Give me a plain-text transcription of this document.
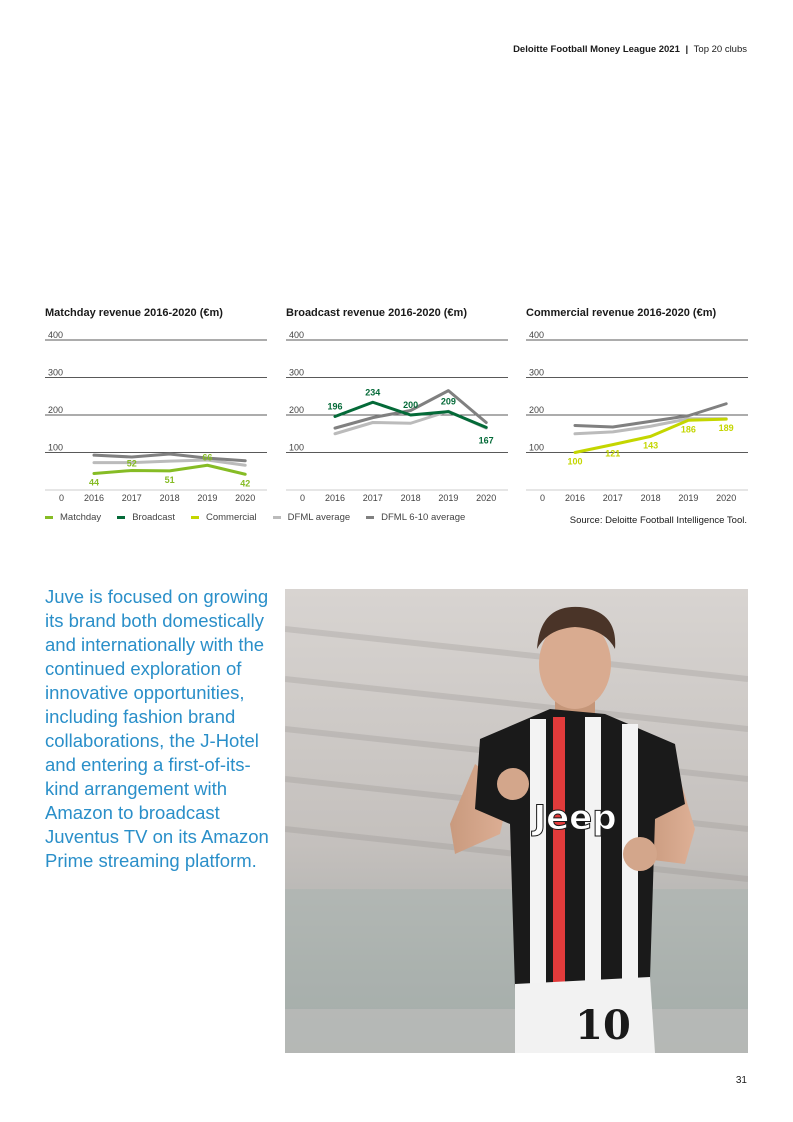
Deloitte Football Money League 2021 | Top 20 clubs
Matchday revenue 2016-2020 (€m)
100
200
300
400
0 2016 2017 2018 2019 2020
44
52
51
66
42
Broadcast revenue 2016-2020 (€m)
100
200
300
400
0 2016 2017 2018 2019 2020
196
234
200	209
167
Commercial revenue 2016-2020 (€m)
100
200
300
400
0 2016 2017 2018 2019 2020
100
121
143
186	189
Matchday	Broadcast	Commercial	DFML average	DFML 6-10 average	Source: Deloitte Football Intelligence Tool.
Juve is focused on growing
its brand both domestically
and internationally with the
continued exploration of
innovative opportunities,
including fashion brand
collaborations, the J-Hotel
and entering a first-of-its-
kind arrangement with
Amazon to broadcast
Juventus TV on its Amazon
Prime streaming platform.
Jeep
10
31
